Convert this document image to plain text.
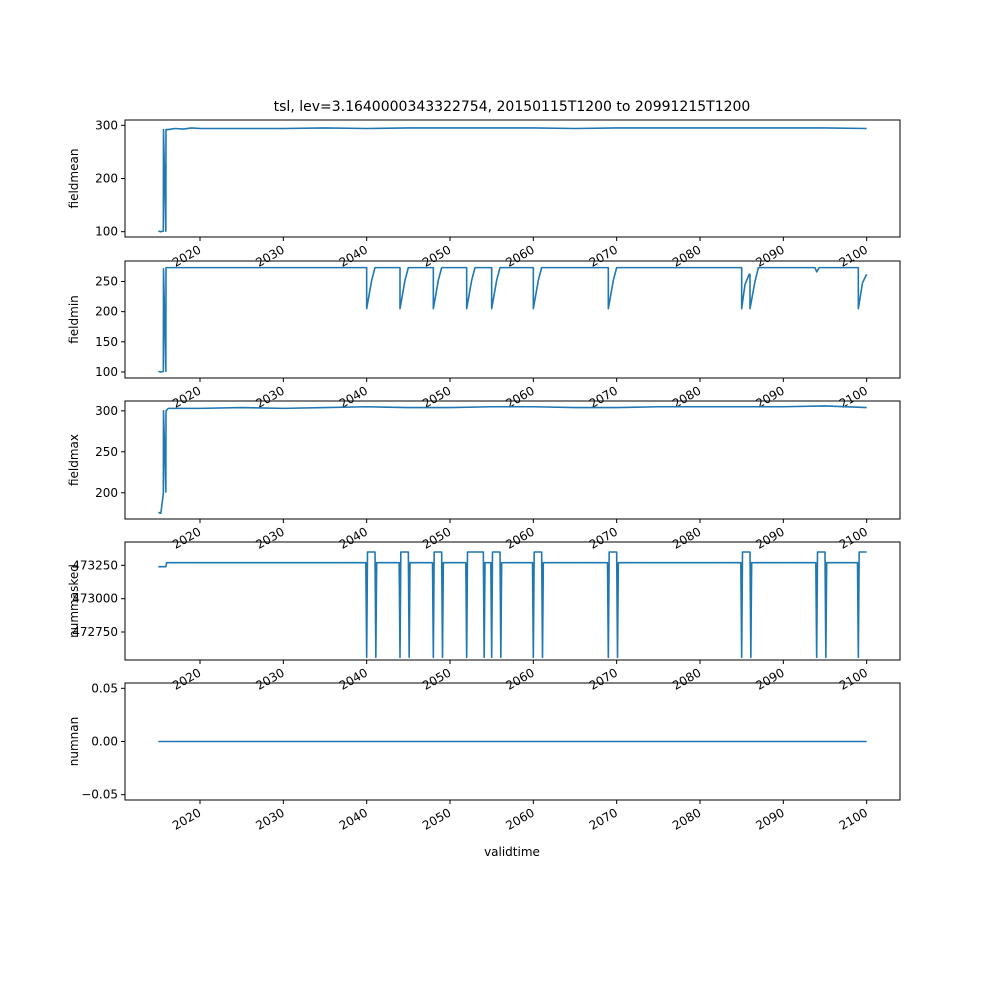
tsl, lev=3.1640000343322754, 20150115T1200 to 20991215T1200
100
200
300
2020	2030	2040	2050	2060	2070	2080	2090	2100
fieldmean
100
150
200
250
2020	2030	2040	2050	2060	2070	2080	2090	2100
fieldmin
200
250
300
2020	2030	2040	2050	2060	2070	2080	2090	2100
fieldmax
472750
473000
473250
2020	2030	2040	2050	2060	2070	2080	2090	2100
nummasked
−0.05
0.00
0.05
2020	2030	2040	2050	2060	2070	2080	2090	2100
numnan
validtime
